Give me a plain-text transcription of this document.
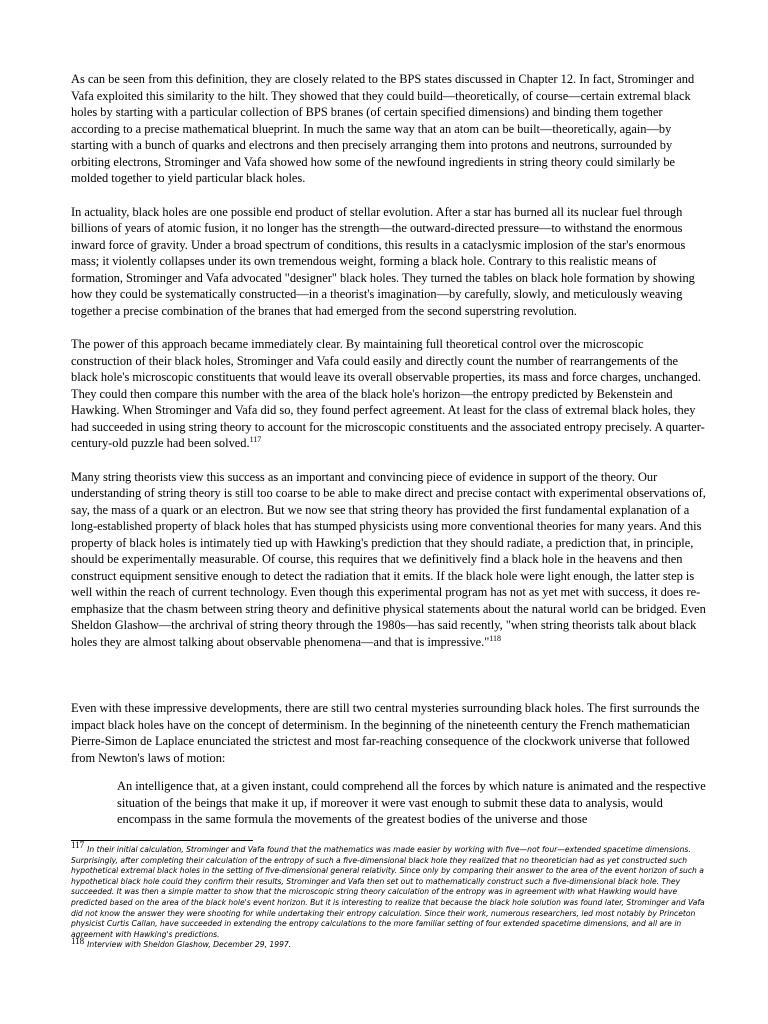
As can be seen from this definition, they are closely related to the BPS states discussed in Chapter 12. In fact, Strominger and Vafa exploited this similarity to the hilt. They showed that they could build—theoretically, of course—certain extremal black holes by starting with a particular collection of BPS branes (of certain specified dimensions) and binding them together according to a precise mathematical blueprint. In much the same way that an atom can be built—theoretically, again—by starting with a bunch of quarks and electrons and then precisely arranging them into protons and neutrons, surrounded by orbiting electrons, Strominger and Vafa showed how some of the newfound ingredients in string theory could similarly be molded together to yield particular black holes.

In actuality, black holes are one possible end product of stellar evolution. After a star has burned all its nuclear fuel through billions of years of atomic fusion, it no longer has the strength—the outward-directed pressure—to withstand the enormous inward force of gravity. Under a broad spectrum of conditions, this results in a cataclysmic implosion of the star's enormous mass; it violently collapses under its own tremendous weight, forming a black hole. Contrary to this realistic means of formation, Strominger and Vafa advocated "designer" black holes. They turned the tables on black hole formation by showing how they could be systematically constructed—in a theorist's imagination—by carefully, slowly, and meticulously weaving together a precise combination of the branes that had emerged from the second superstring revolution.

The power of this approach became immediately clear. By maintaining full theoretical control over the microscopic construction of their black holes, Strominger and Vafa could easily and directly count the number of rearrangements of the black hole's microscopic constituents that would leave its overall observable properties, its mass and force charges, unchanged. They could then compare this number with the area of the black hole's horizon—the entropy predicted by Bekenstein and Hawking. When Strominger and Vafa did so, they found perfect agreement. At least for the class of extremal black holes, they had succeeded in using string theory to account for the microscopic constituents and the associated entropy precisely. A quarter-century-old puzzle had been solved.$^{117}$

Many string theorists view this success as an important and convincing piece of evidence in support of the theory. Our understanding of string theory is still too coarse to be able to make direct and precise contact with experimental observations of, say, the mass of a quark or an electron. But we now see that string theory has provided the first fundamental explanation of a long-established property of black holes that has stumped physicists using more conventional theories for many years. And this property of black holes is intimately tied up with Hawking's prediction that they should radiate, a prediction that, in principle, should be experimentally measurable. Of course, this requires that we definitively find a black hole in the heavens and then construct equipment sensitive enough to detect the radiation that it emits. If the black hole were light enough, the latter step is well within the reach of current technology. Even though this experimental program has not as yet met with success, it does re-emphasize that the chasm between string theory and definitive physical statements about the natural world can be bridged. Even Sheldon Glashow—the archrival of string theory through the 1980s—has said recently, "when string theorists talk about black holes they are almost talking about observable phenomena—and that is impressive."$^{118}$

Even with these impressive developments, there are still two central mysteries surrounding black holes. The first surrounds the impact black holes have on the concept of determinism. In the beginning of the nineteenth century the French mathematician Pierre-Simon de Laplace enunciated the strictest and most far-reaching consequence of the clockwork universe that followed from Newton's laws of motion:

An intelligence that, at a given instant, could comprehend all the forces by which nature is animated and the respective situation of the beings that make it up, if moreover it were vast enough to submit these data to analysis, would encompass in the same formula the movements of the greatest bodies of the universe and those

117 In their initial calculation, Strominger and Vafa found that the mathematics was made easier by working with five—not four—extended spacetime dimensions. Surprisingly, after completing their calculation of the entropy of such a five-dimensional black hole they realized that no theoretician had as yet constructed such hypothetical extremal black holes in the setting of five-dimensional general relativity. Since only by comparing their answer to the area of the event horizon of such a hypothetical black hole could they confirm their results, Strominger and Vafa then set out to mathematically construct such a five-dimensional black hole. They succeeded. It was then a simple matter to show that the microscopic string theory calculation of the entropy was in agreement with what Hawking would have predicted based on the area of the black hole's event horizon. But it is interesting to realize that because the black hole solution was found later, Strominger and Vafa did not know the answer they were shooting for while undertaking their entropy calculation. Since their work, numerous researchers, led most notably by Princeton physicist Curtis Callan, have succeeded in extending the entropy calculations to the more familiar setting of four extended spacetime dimensions, and all are in agreement with Hawking's predictions.

118 Interview with Sheldon Glashow, December 29, 1997.
